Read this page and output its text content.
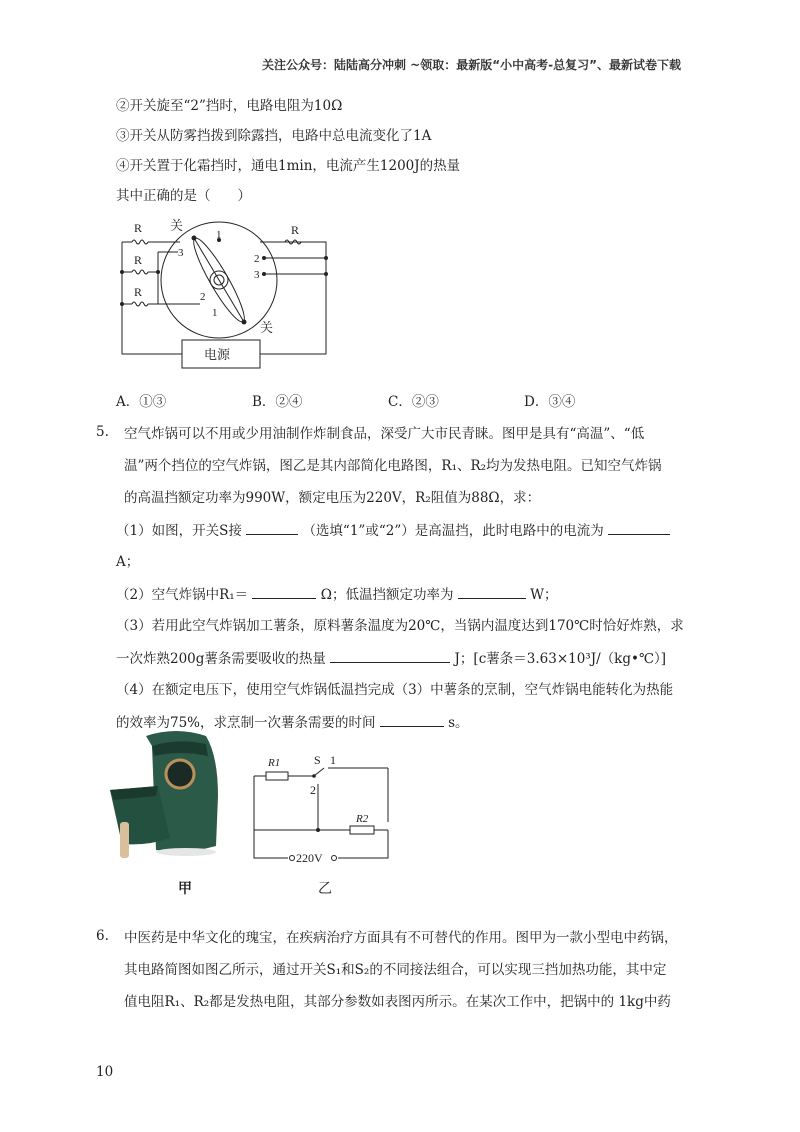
关注公众号：陆陆高分冲刺 ~领取：最新版“小中高考-总复习”、最新试卷下载
②开关旋至“2”挡时，电路电阻为10Ω
③开关从防雾挡拨到除露挡，电路中总电流变化了1A
④开关置于化霜挡时，通电1min，电流产生1200J的热量
其中正确的是（　　）
R
R
R
R
关
关
1
2
3
3
2
1
电源
A．①③	B．②④	C．②③	D．③④
5. 空气炸锅可以不用或少用油制作炸制食品，深受广大市民青睐。图甲是具有“高温”、“低
温”两个挡位的空气炸锅，图乙是其内部简化电路图，R₁、R₂均为发热电阻。已知空气炸锅
的高温挡额定功率为990W，额定电压为220V，R₂阻值为88Ω，求：
（1）如图，开关S接	（选填“1”或“2”）是高温挡，此时电路中的电流为
A；
（2）空气炸锅中R₁＝	Ω；低温挡额定功率为	W；
（3）若用此空气炸锅加工薯条，原料薯条温度为20℃，当锅内温度达到170℃时恰好炸熟，求
一次炸熟200g薯条需要吸收的热量	J；[c薯条＝3.63×10³J/（kg•℃）]
（4）在额定电压下，使用空气炸锅低温挡完成（3）中薯条的烹制，空气炸锅电能转化为热能
的效率为75%，求烹制一次薯条需要的时间	s。
R1
R2
S 1
2
220V
甲	乙
6. 中医药是中华文化的瑰宝，在疾病治疗方面具有不可替代的作用。图甲为一款小型电中药锅，
其电路简图如图乙所示，通过开关S₁和S₂的不同接法组合，可以实现三挡加热功能，其中定
值电阻R₁、R₂都是发热电阻，其部分参数如表图丙所示。在某次工作中，把锅中的 1kg中药
10
